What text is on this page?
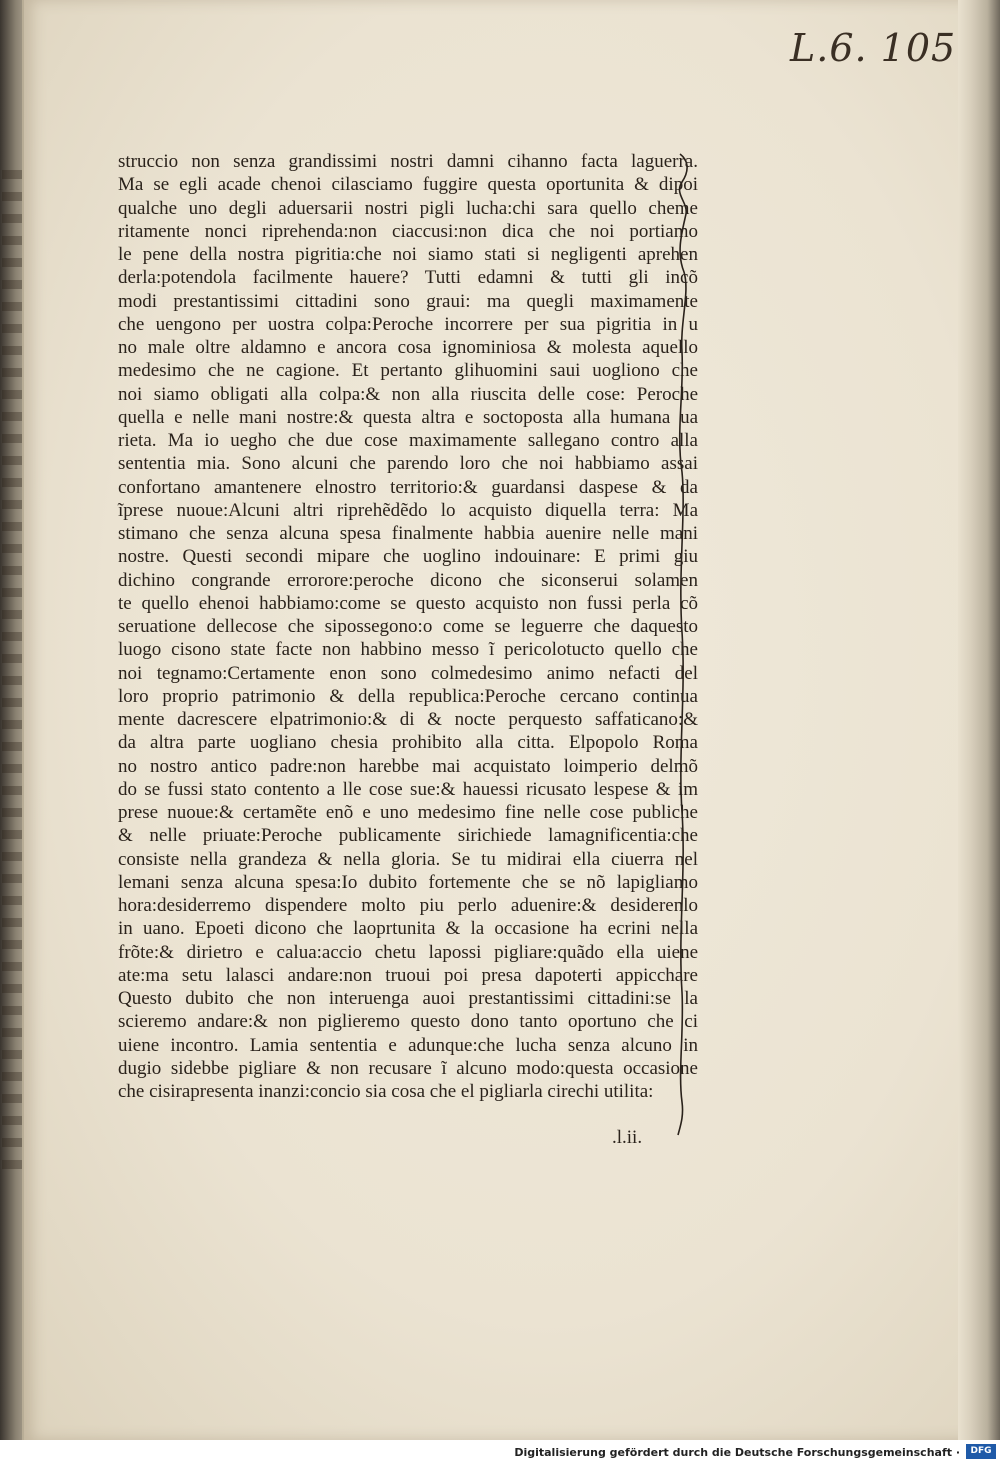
L.6. 105
struccio non senza grandissimi nostri damni cihanno facta laguerra.
Ma se egli acade chenoi cilasciamo fuggire questa oportunita & dipoi
qualche uno degli aduersarii nostri pigli lucha:chi sara quello cheme
ritamente nonci riprehenda:non ciaccusi:non dica che noi portiamo
le pene della nostra pigritia:che noi siamo stati si negligenti aprehen
derla:potendola facilmente hauere? Tutti edamni & tutti gli incõ
modi prestantissimi cittadini sono graui: ma quegli maximamente
che uengono per uostra colpa:Peroche incorrere per sua pigritia in u
no male oltre aldamno e ancora cosa ignominiosa & molesta aquello
medesimo che ne cagione. Et pertanto glihuomini saui uogliono che
noi siamo obligati alla colpa:& non alla riuscita delle cose: Peroche
quella e nelle mani nostre:& questa altra e soctoposta alla humana ua
rieta. Ma io uegho che due cose maximamente sallegano contro alla
sententia mia. Sono alcuni che parendo loro che noi habbiamo assai
confortano amantenere elnostro territorio:& guardansi daspese & da
ĩprese nuoue:Alcuni altri riprehẽdẽdo lo acquisto diquella terra: Ma
stimano che senza alcuna spesa finalmente habbia auenire nelle mani
nostre. Questi secondi mipare che uoglino indouinare: E primi giu
dichino congrande errorore:peroche dicono che siconserui solamen
te quello ehenoi habbiamo:come se questo acquisto non fussi perla cõ
seruatione dellecose che sipossegono:o come se leguerre che daquesto
luogo cisono state facte non habbino messo ĩ pericolotucto quello che
noi tegnamo:Certamente enon sono colmedesimo animo nefacti del
loro proprio patrimonio & della republica:Peroche cercano continua
mente dacrescere elpatrimonio:& di & nocte perquesto saffaticano:&
da altra parte uogliano chesia prohibito alla citta. Elpopolo Roma
no nostro antico padre:non harebbe mai acquistato loimperio delmõ
do se fussi stato contento a lle cose sue:& hauessi ricusato lespese & im
prese nuoue:& certamẽte enõ e uno medesimo fine nelle cose publiche
& nelle priuate:Peroche publicamente sirichiede lamagnificentia:che
consiste nella grandeza & nella gloria. Se tu midirai ella ciuerra nel
lemani senza alcuna spesa:Io dubito fortemente che se nõ lapigliamo
hora:desiderremo dispendere molto piu perlo aduenire:& desiderenlo
in uano. Epoeti dicono che laoprtunita & la occasione ha ecrini nella
frõte:& dirietro e calua:accio chetu lapossi pigliare:quãdo ella uiene
ate:ma setu lalasci andare:non truoui poi presa dapoterti appicchare
Questo dubito che non interuenga auoi prestantissimi cittadini:se la
scieremo andare:& non piglieremo questo dono tanto oportuno che ci
uiene incontro. Lamia sententia e adunque:che lucha senza alcuno in
dugio sidebbe pigliare & non recusare ĩ alcuno modo:questa occasione
che cisirapresenta inanzi:concio sia cosa che el pigliarla cirechi utilita:
.l.ii.
Digitalisierung gefördert durch die Deutsche Forschungsgemeinschaft ·	DFG
